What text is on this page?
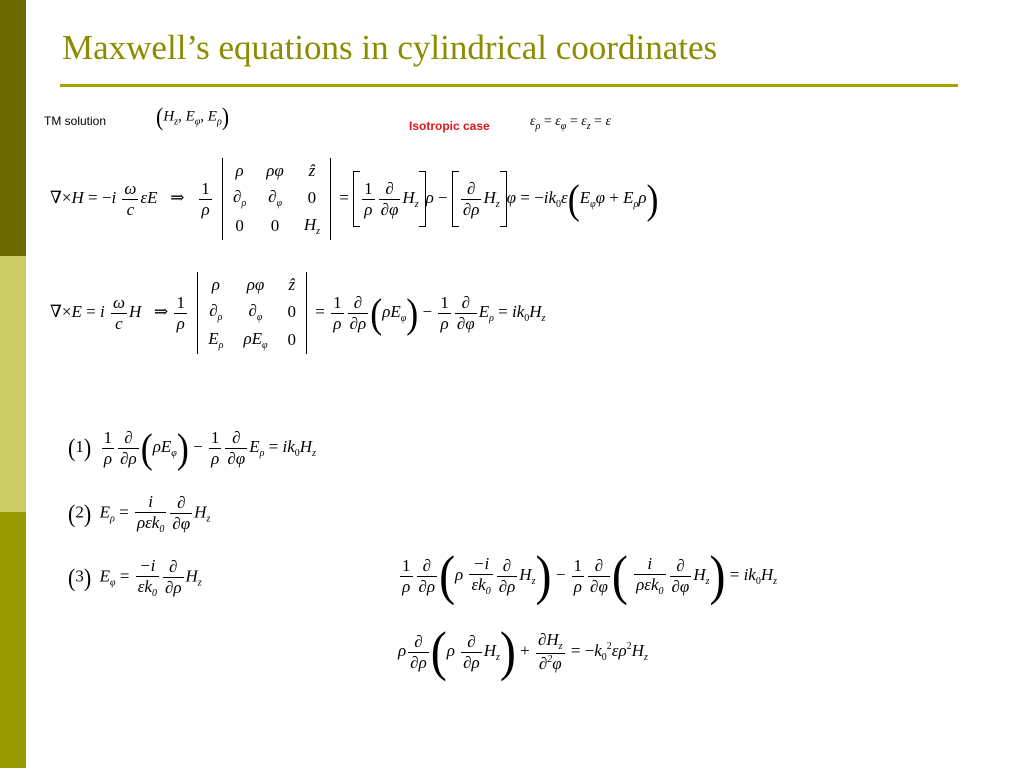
Maxwell’s equations in cylindrical coordinates
TM solution ($H_z$, $E_\varphi$, $E_\rho$)	Isotropic case	$\varepsilon_\rho = \varepsilon_\varphi = \varepsilon_z = \varepsilon$
$\nabla\times H = -i \frac{\omega}{c}$ εE   ⇒ $\frac{1}{\rho}$
ρ	ρφ	ẑ
$\partial_\rho$	$\partial_\varphi$	0
0	0	$H_z = \frac{1}{\rho} \frac{\partial}{\partial\varphi} H_z$ $\rho - \frac{\partial}{\partial\rho} H_z$ $\varphi = -ik_0\varepsilon(E_\varphi\varphi + E_\rho\rho)$
∇×E = i $\frac{\omega}{c}$ H   ⇒ $\frac{1}{\rho}$
ρ	ρφ	ẑ
$\partial_\rho$	$\partial_\varphi$	0
$E_\rho$	$\rho E_\varphi$	$0 = \frac{1}{\rho} \frac{\partial}{\partial\rho} (\rho E_\varphi) - \frac{1}{\rho} \frac{\partial}{\partial\varphi} E_\rho = ik_0H_z$
$(1) \frac{1}{\rho} \frac{\partial}{\partial\rho} (\rho E_\varphi) - \frac{1}{\rho} \frac{\partial}{\partial\varphi} E_\rho = ik_0H_z$
(2) $E_\rho = \frac{i}{\rho\varepsilon k_0} \frac{\partial}{\partial\varphi} H_z$
(3) $E_\varphi = \frac{-i}{\varepsilon k_0} \frac{\partial}{\partial\rho} H_z$	$\frac{1}{\rho} \frac{\partial}{\partial\rho} (\rho \frac{-i}{\varepsilon k_0} \frac{\partial}{\partial\rho} H_z) - \frac{1}{\rho} \frac{\partial}{\partial\varphi}$ ( $\frac{i}{\rho\varepsilon k_0} \frac{\partial}{\partial\varphi} H_z) = ik_0H_z$
ρ $\frac{\partial}{\partial\rho} (\rho \frac{\partial}{\partial\rho} H_z) + \frac{\partial H_z}{\partial^2\varphi} = -k_0^2\varepsilon\rho^2H_z$
